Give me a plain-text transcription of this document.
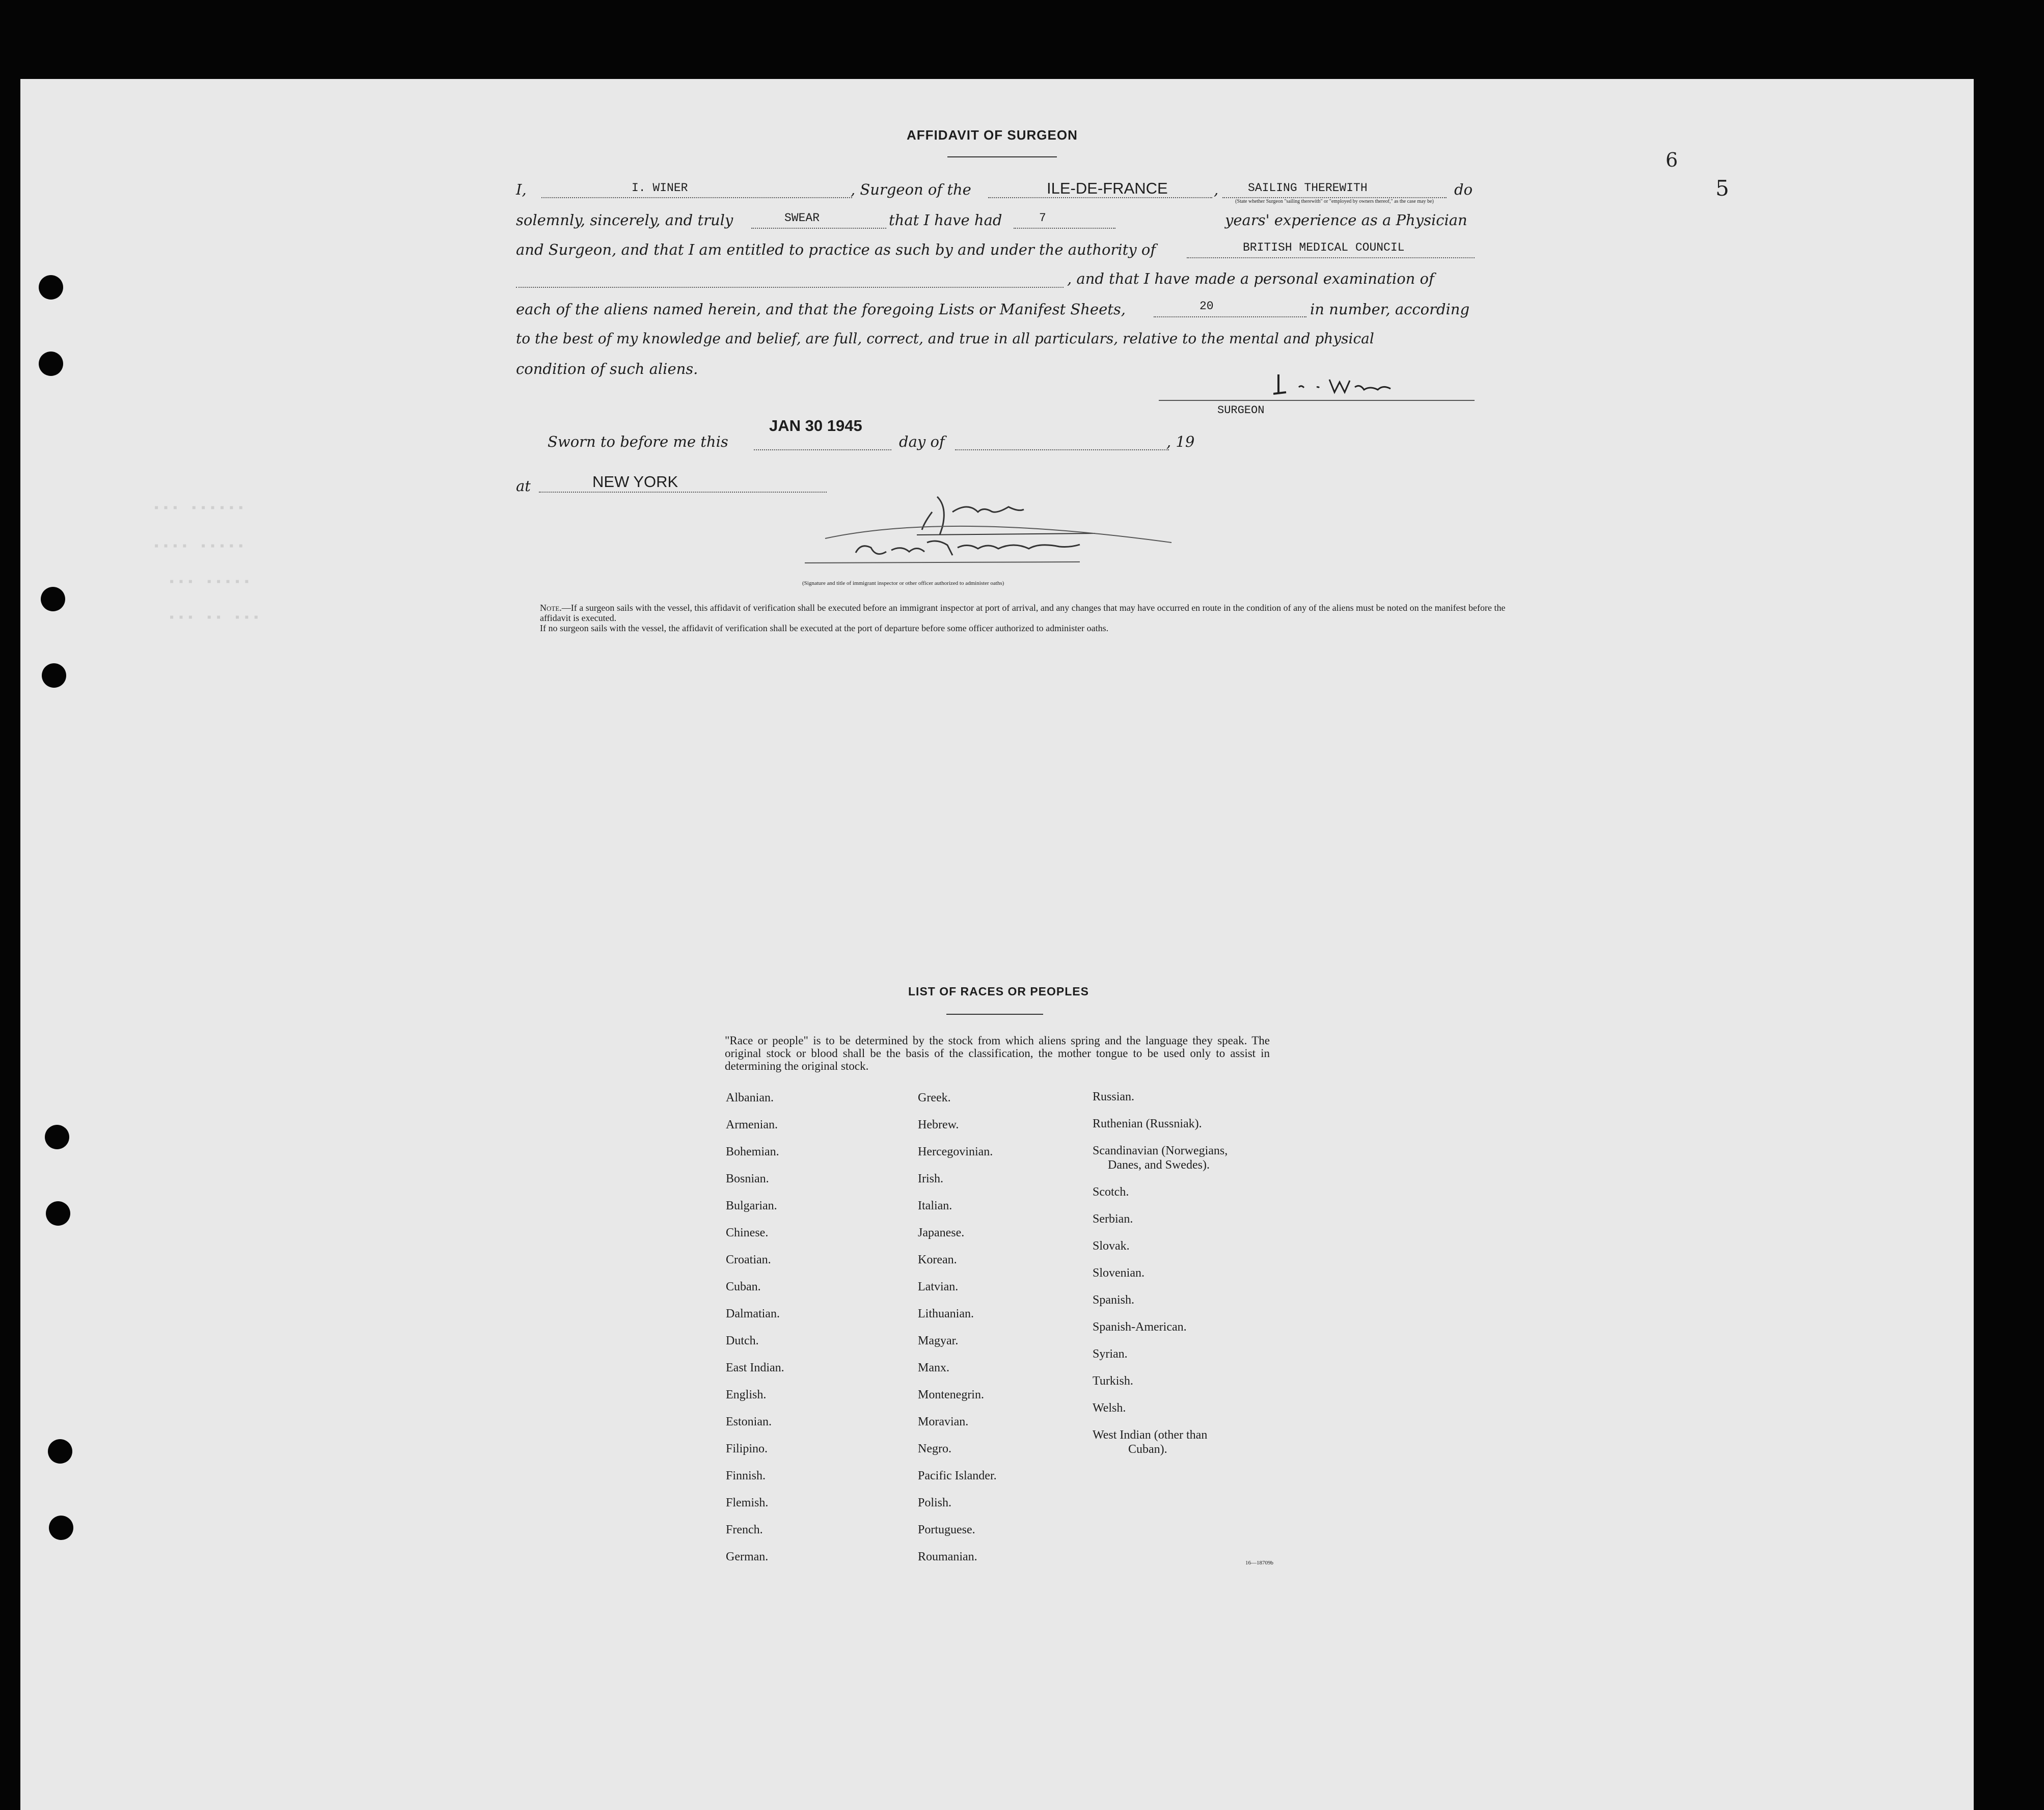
6
5
▪▪▪ ▪▪▪▪▪▪
▪▪▪▪ ▪▪▪▪▪
▪▪▪ ▪▪▪▪▪
▪▪▪ ▪▪ ▪▪▪
AFFIDAVIT OF SURGEON
I,	I. WINER	, Surgeon of the	ILE-DE-FRANCE	,	SAILING THEREWITH
(State whether Surgeon "sailing therewith" or "employed by owners thereof," as the case may be)
do
solemnly, sincerely, and truly	SWEAR	that I have had	7	years' experience as a Physician
and Surgeon, and that I am entitled to practice as such by and under the authority of	BRITISH MEDICAL COUNCIL
, and that I have made a personal examination of
each of the aliens named herein, and that the foregoing Lists or Manifest Sheets,	20	in number, according
to the best of my knowledge and belief, are full, correct, and true in all particulars, relative to the mental and physical
condition of such aliens.
SURGEON
Sworn to before me this
JAN 30 1945
day of	, 19
at	NEW YORK
(Signature and title of immigrant inspector or other officer authorized to administer oaths)
Note.—If a surgeon sails with the vessel, this affidavit of verification shall be executed before an immigrant inspector at port of arrival, and any changes that may have occurred en route in the condition of any of the aliens must be noted on the manifest before the affidavit is executed.
If no surgeon sails with the vessel, the affidavit of verification shall be executed at the port of departure before some officer authorized to administer oaths.
LIST OF RACES OR PEOPLES
"Race or people" is to be determined by the stock from which aliens spring and the language they speak. The original stock or blood shall be the basis of the classification, the mother tongue to be used only to assist in determining the original stock.
Albanian.
Armenian.
Bohemian.
Bosnian.
Bulgarian.
Chinese.
Croatian.
Cuban.
Dalmatian.
Dutch.
East Indian.
English.
Estonian.
Filipino.
Finnish.
Flemish.
French.
German.
Greek.
Hebrew.
Hercegovinian.
Irish.
Italian.
Japanese.
Korean.
Latvian.
Lithuanian.
Magyar.
Manx.
Montenegrin.
Moravian.
Negro.
Pacific Islander.
Polish.
Portuguese.
Roumanian.
Russian.
Ruthenian (Russniak).
Scandinavian (Norwegians,
Danes, and Swedes).
Scotch.
Serbian.
Slovak.
Slovenian.
Spanish.
Spanish-American.
Syrian.
Turkish.
Welsh.
West Indian (other than
Cuban).
16—18709b
